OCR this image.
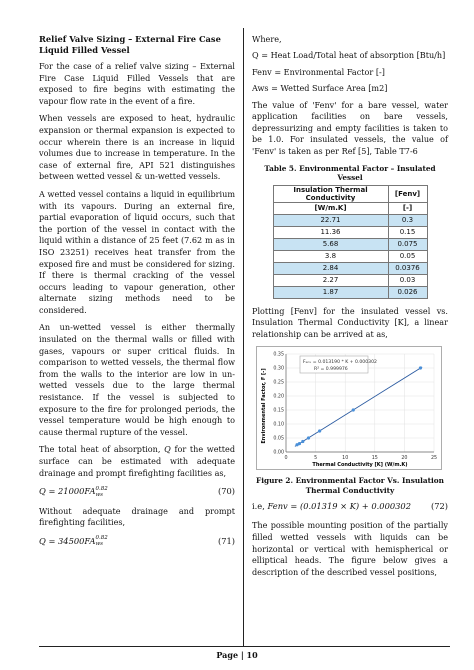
Relief Valve Sizing – External Fire Case Liquid Filled Vessel

For the case of a relief valve sizing – External Fire Case Liquid Filled Vessels that are exposed to fire begins with estimating the vapour flow rate in the event of a fire.

When vessels are exposed to heat, hydraulic expansion or thermal expansion is expected to occur wherein there is an increase in liquid volumes due to increase in temperature. In the case of external fire, API 521 distinguishes between wetted vessel & un-wetted vessels.

A wetted vessel contains a liquid in equilibrium with its vapours. During an external fire, partial evaporation of liquid occurs, such that the portion of the vessel in contact with the liquid within a distance of 25 feet (7.62 m as in ISO 23251) receives heat transfer from the exposed fire and must be considered for sizing. If there is thermal cracking of the vessel occurs leading to vapour generation, other alternate sizing methods need to be considered.

An un-wetted vessel is either thermally insulated on the thermal walls or filled with gases, vapours or super critical fluids. In comparison to wetted vessels, the thermal flow from the walls to the interior are low in un-wetted vessels due to the large thermal resistance. If the vessel is subjected to exposure to the fire for prolonged periods, the vessel temperature would be high enough to cause thermal rupture of the vessel.

The total heat of absorption, Q for the wetted surface can be estimated with adequate drainage and prompt firefighting facilities as,

Q = 21000FA 0.82
ws	(70)

Without adequate drainage and prompt firefighting facilities,

Q = 34500FA 0.82
ws	(71)
Where,
Q = Heat Load/Total heat of absorption [Btu/h]
Fenv = Environmental Factor [-]
Aws = Wetted Surface Area [m2]

The value of 'Fenv' for a bare vessel, water application facilities on bare vessels, depressurizing and empty facilities is taken to be 1.0. For insulated vessels, the value of 'Fenv' is taken as per Ref [5], Table T7-6

Table 5. Environmental Factor – Insulated Vessel
Insulation Thermal Conductivity	[Fenv]
[W/m.K]	[-]
22.71	0.3
11.36	0.15
5.68	0.075
3.8	0.05
2.84	0.0376
2.27	0.03
1.87	0.026

Plotting [Fenv] for the insulated vessel vs. Insulation Thermal Conductivity [K], a linear relationship can be arrived at as,

0	5	10	15	20	25
0.00
0.05
0.10
0.15
0.20
0.25
0.30
0.35
Fₑₙᵥ = 0.013190 * K + 0.000302
R² = 0.999976
Thermal Conductivity [K] (W/m.K)
Environmental Factor, F [-]
Figure 2. Environmental Factor Vs. Insulation
Thermal Conductivity
i.e, Fenv = (0.01319 × K) + 0.000302 (72)

The possible mounting position of the partially filled wetted vessels with liquids can be horizontal or vertical with hemispherical or elliptical heads. The figure below gives a description of the described vessel positions,

Page | 10
